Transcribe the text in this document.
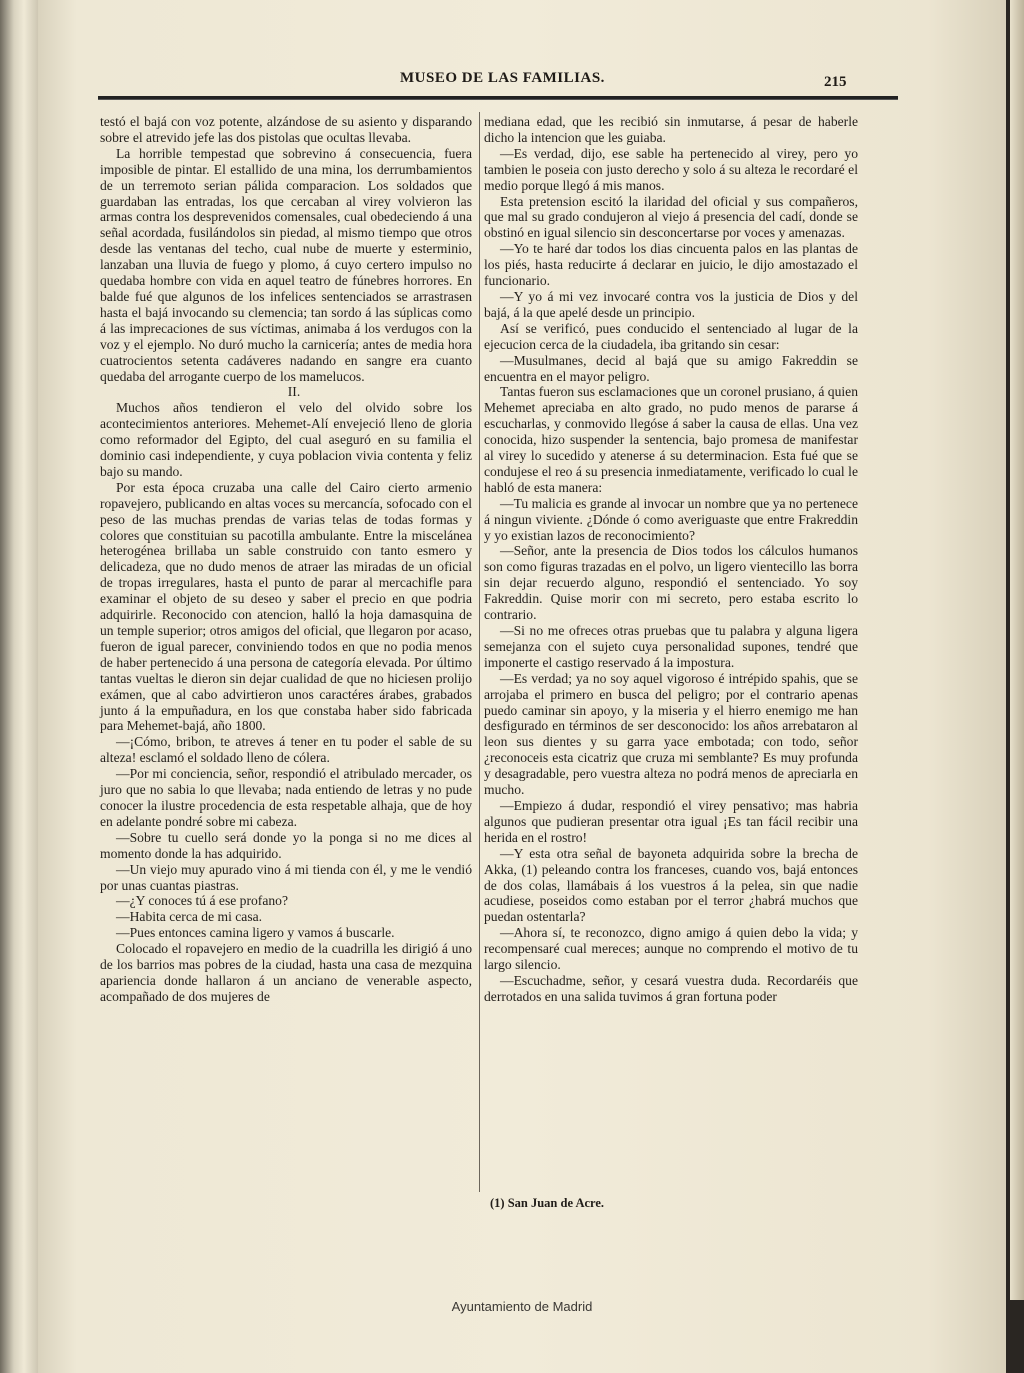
MUSEO DE LAS FAMILIAS.	215

testó el bajá con voz potente, alzándose de su asiento y disparando sobre el atrevido jefe las dos pistolas que ocultas llevaba.

La horrible tempestad que sobrevino á consecuencia, fuera imposible de pintar. El estallido de una mina, los derrumbamientos de un terremoto serian pálida comparacion. Los soldados que guardaban las entradas, los que cercaban al virey volvieron las armas contra los desprevenidos comensales, cual obedeciendo á una señal acordada, fusilándolos sin piedad, al mismo tiempo que otros desde las ventanas del techo, cual nube de muerte y esterminio, lanzaban una lluvia de fuego y plomo, á cuyo certero impulso no quedaba hombre con vida en aquel teatro de fúnebres horrores. En balde fué que algunos de los infelices sentenciados se arrastrasen hasta el bajá invocando su clemencia; tan sordo á las súplicas como á las imprecaciones de sus víctimas, animaba á los verdugos con la voz y el ejemplo. No duró mucho la carnicería; antes de media hora cuatrocientos setenta cadáveres nadando en sangre era cuanto quedaba del arrogante cuerpo de los mamelucos.

II.

Muchos años tendieron el velo del olvido sobre los acontecimientos anteriores. Mehemet-Alí envejeció lleno de gloria como reformador del Egipto, del cual aseguró en su familia el dominio casi independiente, y cuya poblacion vivia contenta y feliz bajo su mando.

Por esta época cruzaba una calle del Cairo cierto armenio ropavejero, publicando en altas voces su mercancía, sofocado con el peso de las muchas prendas de varias telas de todas formas y colores que constituian su pacotilla ambulante. Entre la miscelánea heterogénea brillaba un sable construido con tanto esmero y delicadeza, que no dudo menos de atraer las miradas de un oficial de tropas irregulares, hasta el punto de parar al mercachifle para examinar el objeto de su deseo y saber el precio en que podria adquirirle. Reconocido con atencion, halló la hoja damasquina de un temple superior; otros amigos del oficial, que llegaron por acaso, fueron de igual parecer, conviniendo todos en que no podia menos de haber pertenecido á una persona de categoría elevada. Por último tantas vueltas le dieron sin dejar cualidad de que no hiciesen prolijo exámen, que al cabo advirtieron unos caractéres árabes, grabados junto á la empuñadura, en los que constaba haber sido fabricada para Mehemet-bajá, año 1800.

—¡Cómo, bribon, te atreves á tener en tu poder el sable de su alteza! esclamó el soldado lleno de cólera.

—Por mi conciencia, señor, respondió el atribulado mercader, os juro que no sabia lo que llevaba; nada entiendo de letras y no pude conocer la ilustre procedencia de esta respetable alhaja, que de hoy en adelante pondré sobre mi cabeza.

—Sobre tu cuello será donde yo la ponga si no me dices al momento donde la has adquirido.

—Un viejo muy apurado vino á mi tienda con él, y me le vendió por unas cuantas piastras.

—¿Y conoces tú á ese profano?

—Habita cerca de mi casa.

—Pues entonces camina ligero y vamos á buscarle.

Colocado el ropavejero en medio de la cuadrilla les dirigió á uno de los barrios mas pobres de la ciudad, hasta una casa de mezquina apariencia donde hallaron á un anciano de venerable aspecto, acompañado de dos mujeres de

mediana edad, que les recibió sin inmutarse, á pesar de haberle dicho la intencion que les guiaba.

—Es verdad, dijo, ese sable ha pertenecido al virey, pero yo tambien le poseia con justo derecho y solo á su alteza le recordaré el medio porque llegó á mis manos.

Esta pretension escitó la ilaridad del oficial y sus compañeros, que mal su grado condujeron al viejo á presencia del cadí, donde se obstinó en igual silencio sin desconcertarse por voces y amenazas.

—Yo te haré dar todos los dias cincuenta palos en las plantas de los piés, hasta reducirte á declarar en juicio, le dijo amostazado el funcionario.

—Y yo á mi vez invocaré contra vos la justicia de Dios y del bajá, á la que apelé desde un principio.

Así se verificó, pues conducido el sentenciado al lugar de la ejecucion cerca de la ciudadela, iba gritando sin cesar:

—Musulmanes, decid al bajá que su amigo Fakreddin se encuentra en el mayor peligro.

Tantas fueron sus esclamaciones que un coronel prusiano, á quien Mehemet apreciaba en alto grado, no pudo menos de pararse á escucharlas, y conmovido llegóse á saber la causa de ellas. Una vez conocida, hizo suspender la sentencia, bajo promesa de manifestar al virey lo sucedido y atenerse á su determinacion. Esta fué que se condujese el reo á su presencia inmediatamente, verificado lo cual le habló de esta manera:

—Tu malicia es grande al invocar un nombre que ya no pertenece á ningun viviente. ¿Dónde ó como averiguaste que entre Frakreddin y yo existian lazos de reconocimiento?

—Señor, ante la presencia de Dios todos los cálculos humanos son como figuras trazadas en el polvo, un ligero vientecillo las borra sin dejar recuerdo alguno, respondió el sentenciado. Yo soy Fakreddin. Quise morir con mi secreto, pero estaba escrito lo contrario.

—Si no me ofreces otras pruebas que tu palabra y alguna ligera semejanza con el sujeto cuya personalidad supones, tendré que imponerte el castigo reservado á la impostura.

—Es verdad; ya no soy aquel vigoroso é intrépido spahis, que se arrojaba el primero en busca del peligro; por el contrario apenas puedo caminar sin apoyo, y la miseria y el hierro enemigo me han desfigurado en términos de ser desconocido: los años arrebataron al leon sus dientes y su garra yace embotada; con todo, señor ¿reconoceis esta cicatriz que cruza mi semblante? Es muy profunda y desagradable, pero vuestra alteza no podrá menos de apreciarla en mucho.

—Empiezo á dudar, respondió el virey pensativo; mas habria algunos que pudieran presentar otra igual ¡Es tan fácil recibir una herida en el rostro!

—Y esta otra señal de bayoneta adquirida sobre la brecha de Akka, (1) peleando contra los franceses, cuando vos, bajá entonces de dos colas, llamábais á los vuestros á la pelea, sin que nadie acudiese, poseidos como estaban por el terror ¿habrá muchos que puedan ostentarla?

—Ahora sí, te reconozco, digno amigo á quien debo la vida; y recompensaré cual mereces; aunque no comprendo el motivo de tu largo silencio.

—Escuchadme, señor, y cesará vuestra duda. Recordaréis que derrotados en una salida tuvimos á gran fortuna poder

(1) San Juan de Acre.
Ayuntamiento de Madrid
